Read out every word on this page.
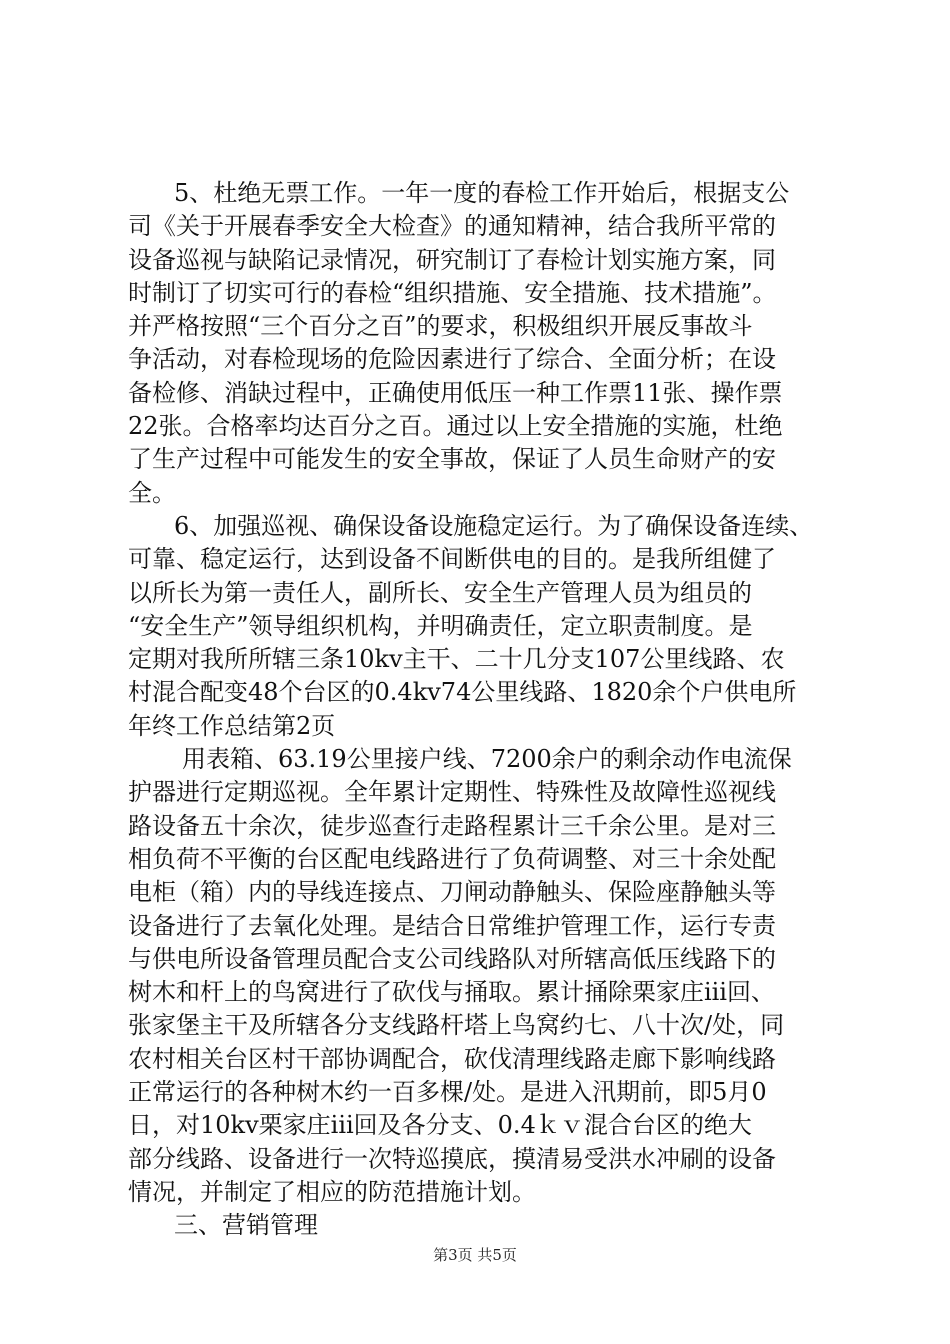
5、杜绝无票工作。一年一度的春检工作开始后，根据支公
司《关于开展春季安全大检查》的通知精神，结合我所平常的
设备巡视与缺陷记录情况，研究制订了春检计划实施方案，同
时制订了切实可行的春检“组织措施、安全措施、技术措施”。
并严格按照“三个百分之百”的要求，积极组织开展反事故斗
争活动，对春检现场的危险因素进行了综合、全面分析；在设
备检修、消缺过程中，正确使用低压一种工作票11张、操作票
22张。合格率均达百分之百。通过以上安全措施的实施，杜绝
了生产过程中可能发生的安全事故，保证了人员生命财产的安
全。
6、加强巡视、确保设备设施稳定运行。为了确保设备连续、
可靠、稳定运行，达到设备不间断供电的目的。是我所组健了
以所长为第一责任人，副所长、安全生产管理人员为组员的
“安全生产”领导组织机构，并明确责任，定立职责制度。是
定期对我所所辖三条10kv主干、二十几分支107公里线路、农
村混合配变48个台区的0.4kv74公里线路、1820余个户供电所
年终工作总结第2页
用表箱、63.19公里接户线、7200余户的剩余动作电流保
护器进行定期巡视。全年累计定期性、特殊性及故障性巡视线
路设备五十余次，徒步巡查行走路程累计三千余公里。是对三
相负荷不平衡的台区配电线路进行了负荷调整、对三十余处配
电柜（箱）内的导线连接点、刀闸动静触头、保险座静触头等
设备进行了去氧化处理。是结合日常维护管理工作，运行专责
与供电所设备管理员配合支公司线路队对所辖高低压线路下的
树木和杆上的鸟窝进行了砍伐与捅取。累计捅除栗家庄ⅰⅱ回、
张家堡主干及所辖各分支线路杆塔上鸟窝约七、八十次/处，同
农村相关台区村干部协调配合，砍伐清理线路走廊下影响线路
正常运行的各种树木约一百多棵/处。是进入汛期前，即5月0
日，对10kv栗家庄ⅰⅱ回及各分支、0.4ｋｖ混合台区的绝大
部分线路、设备进行一次特巡摸底，摸清易受洪水冲刷的设备
情况，并制定了相应的防范措施计划。
三、营销管理
第3页 共5页
